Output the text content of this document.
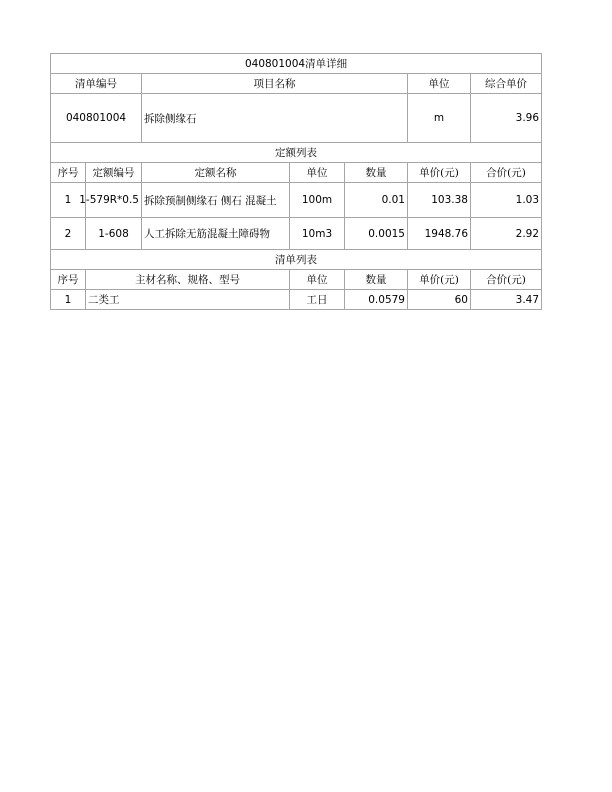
040801004清单详细						
清单编号		项目名称			单位	综合单价
040801004		拆除侧缘石			m	3.96
定额列表						
序号	定额编号	定额名称	单位	数量	单价(元)	合价(元)
1	1-579R*0.5	拆除预制侧缘石 侧石 混凝土	100m	0.01	103.38	1.03
2	1-608	人工拆除无筋混凝土障碍物	10m3	0.0015	1948.76	2.92
清单列表						
序号	主材名称、规格、型号		单位	数量	单价(元)	合价(元)
1	二类工		工日	0.0579	60	3.47
